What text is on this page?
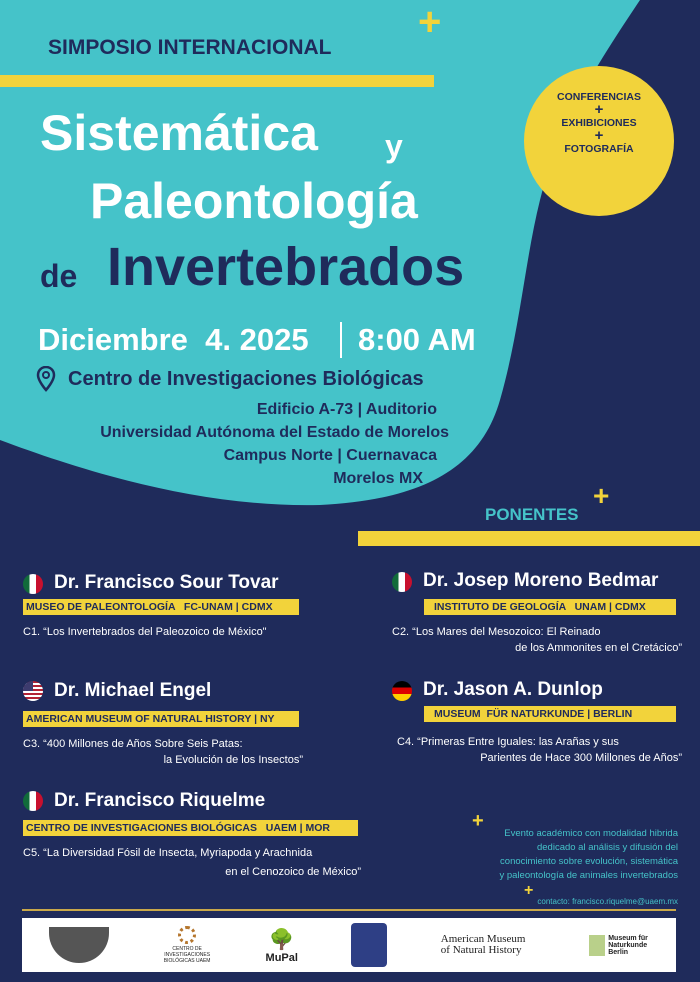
SIMPOSIO INTERNACIONAL
+
Sistemática y
Paleontología
de Invertebrados
CONFERENCIAS
+
EXHIBICIONES
+
FOTOGRAFÍA
Diciembre  4. 2025 8:00 AM
Centro de Investigaciones Biológicas
Edificio A-73 | Auditorio
Universidad Autónoma del Estado de Morelos
Campus Norte | Cuernavaca
Morelos MX
PONENTES
+
Dr. Francisco Sour Tovar
MUSEO DE PALEONTOLOGÍA   FC-UNAM | CDMX
C1. “Los Invertebrados del Paleozoico de México"
Dr. Josep Moreno Bedmar
INSTITUTO DE GEOLOGÍA   UNAM | CDMX
C2. “Los Mares del Mesozoico: El Reinado
de los Ammonites en el Cretácico”
Dr. Michael Engel
AMERICAN MUSEUM OF NATURAL HISTORY | NY
C3. “400 Millones de Años Sobre Seis Patas:
la Evolución de los Insectos”
Dr. Jason A. Dunlop
MUSEUM  FÜR NATURKUNDE | BERLIN
C4. “Primeras Entre Iguales: las Arañas y sus
Parientes de Hace 300 Millones de Años”
Dr. Francisco Riquelme
CENTRO DE INVESTIGACIONES BIOLÓGICAS   UAEM | MOR
C5. “La Diversidad Fósil de Insecta, Myriapoda y Arachnida
en el Cenozoico de México”
+
Evento académico con modalidad hibrida
dedicado al análisis y difusión del
conocimiento sobre evolución, sistemática
y paleontología de animales invertebrados
+
contacto: francisco.riquelme@uaem.mx
CENTRO DE INVESTIGACIONES BIOLÓGICAS UAEM
🌳
MuPal
American Museum of Natural History
Museum für Naturkunde Berlin
